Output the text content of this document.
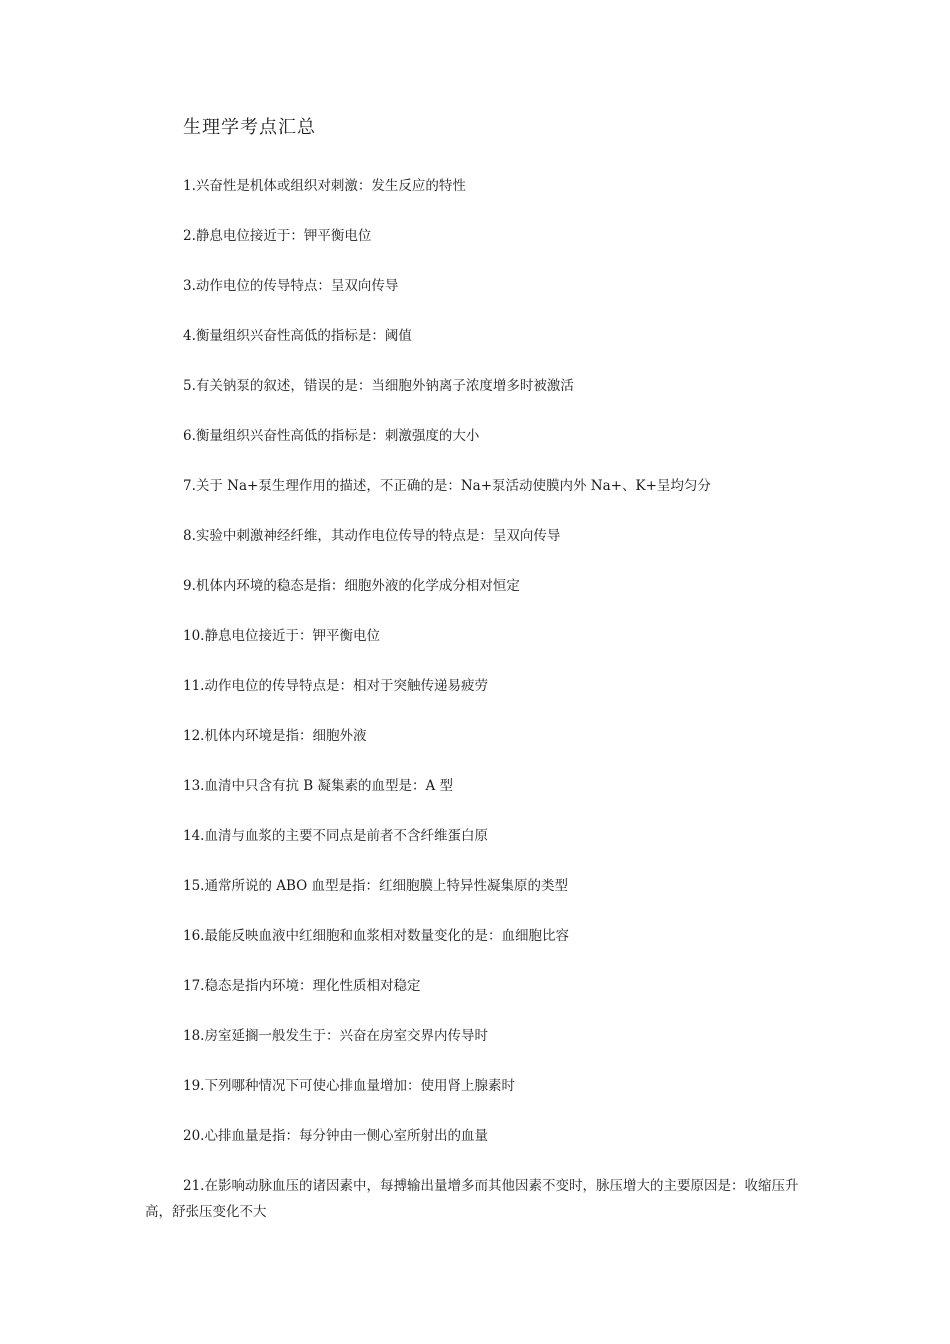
生理学考点汇总
1.兴奋性是机体或组织对刺激：发生反应的特性
2.静息电位接近于：钾平衡电位
3.动作电位的传导特点：呈双向传导
4.衡量组织兴奋性高低的指标是：阈值
5.有关钠泵的叙述，错误的是：当细胞外钠离子浓度增多时被激活
6.衡量组织兴奋性高低的指标是：刺激强度的大小
7.关于 Na+泵生理作用的描述，不正确的是：Na+泵活动使膜内外 Na+、K+呈均匀分
8.实验中刺激神经纤维，其动作电位传导的特点是：呈双向传导
9.机体内环境的稳态是指：细胞外液的化学成分相对恒定
10.静息电位接近于：钾平衡电位
11.动作电位的传导特点是：相对于突触传递易疲劳
12.机体内环境是指：细胞外液
13.血清中只含有抗 B 凝集素的血型是：A 型
14.血清与血浆的主要不同点是前者不含纤维蛋白原
15.通常所说的 ABO 血型是指：红细胞膜上特异性凝集原的类型
16.最能反映血液中红细胞和血浆相对数量变化的是：血细胞比容
17.稳态是指内环境：理化性质相对稳定
18.房室延搁一般发生于：兴奋在房室交界内传导时
19.下列哪种情况下可使心排血量增加：使用肾上腺素时
20.心排血量是指：每分钟由一侧心室所射出的血量
21.在影响动脉血压的诸因素中，每搏输出量增多而其他因素不变时，脉压增大的主要原因是：收缩压升高，舒张压变化不大
